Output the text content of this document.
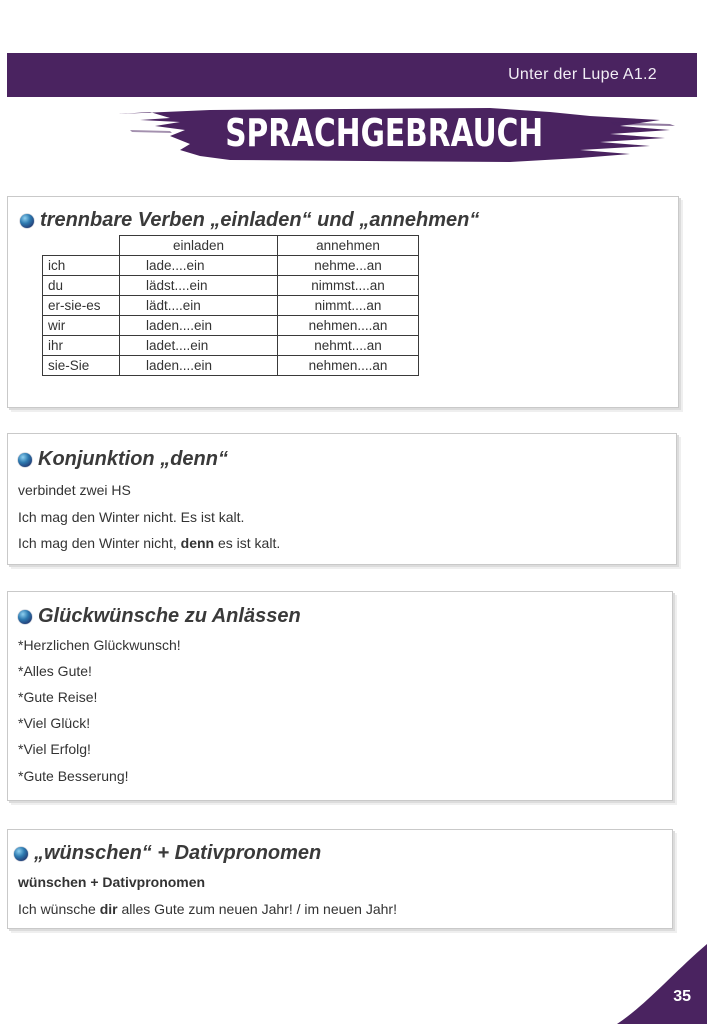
Unter der Lupe A1.2
SPRACHGEBRAUCH
trennbare Verben „einladen“ und „annehmen“
	einladen	annehmen
ich	lade....ein	nehme...an
du	lädst....ein	nimmst....an
er-sie-es	lädt....ein	nimmt....an
wir	laden....ein	nehmen....an
ihr	ladet....ein	nehmt....an
sie-Sie	laden....ein	nehmen....an
Konjunktion „denn“
verbindet zwei HS
Ich mag den Winter nicht. Es ist kalt.
Ich mag den Winter nicht, denn es ist kalt.
Glückwünsche zu Anlässen
*Herzlichen Glückwunsch!
*Alles Gute!
*Gute Reise!
*Viel Glück!
*Viel Erfolg!
*Gute Besserung!
„wünschen“ + Dativpronomen
wünschen + Dativpronomen
Ich wünsche dir alles Gute zum neuen Jahr! / im neuen Jahr!
35
